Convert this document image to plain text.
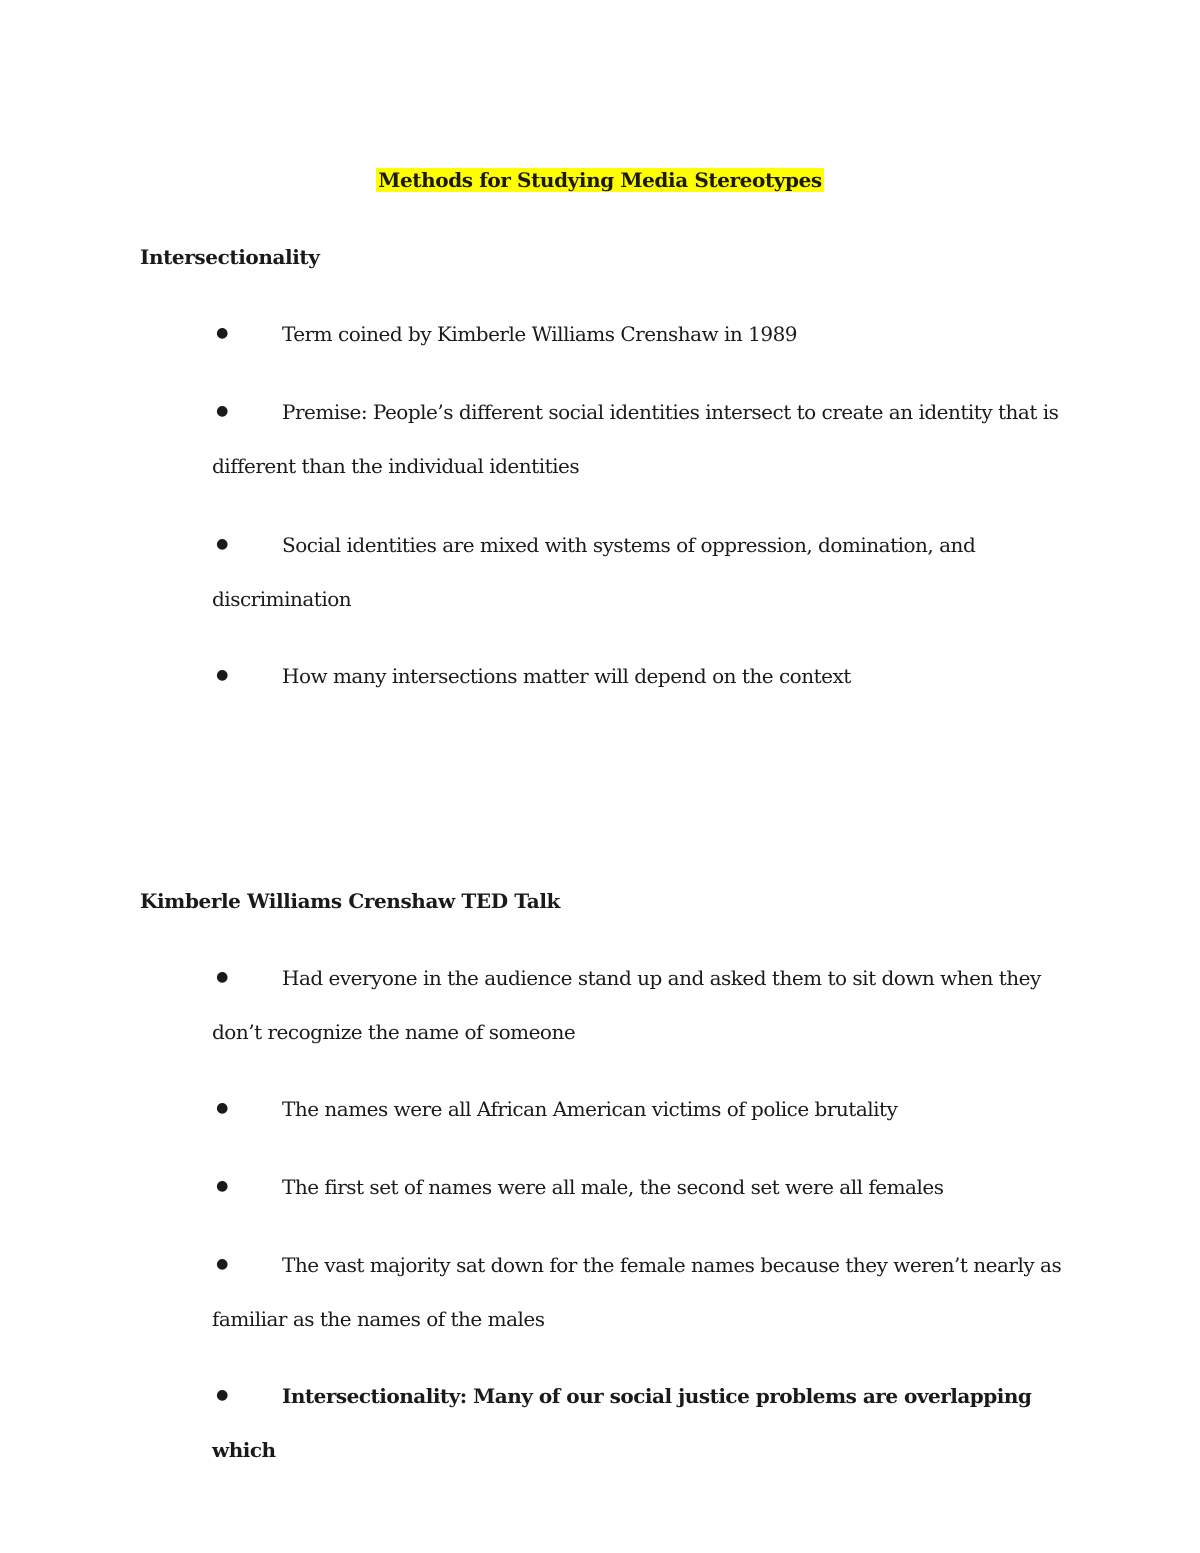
Methods for Studying Media Stereotypes
Intersectionality
●	Term coined by Kimberle Williams Crenshaw in 1989
●	Premise: People’s different social identities intersect to create an identity that is different than the individual identities
●	Social identities are mixed with systems of oppression, domination, and discrimination
●	How many intersections matter will depend on the context
Kimberle Williams Crenshaw TED Talk
●	Had everyone in the audience stand up and asked them to sit down when they don’t recognize the name of someone
●	The names were all African American victims of police brutality
●	The first set of names were all male, the second set were all females
●	The vast majority sat down for the female names because they weren’t nearly as familiar as the names of the males
●	Intersectionality: Many of our social justice problems are overlapping which
